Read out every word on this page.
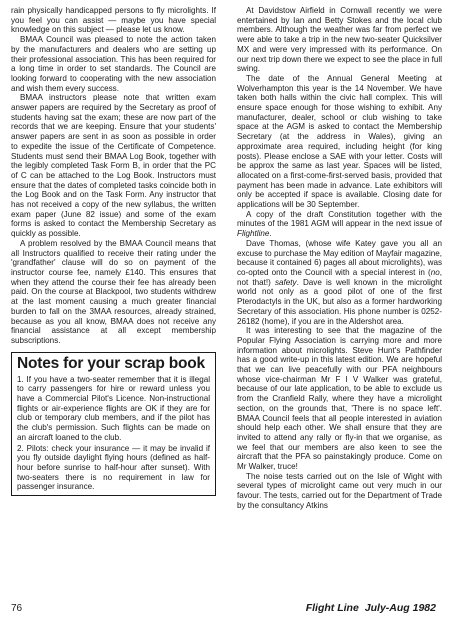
rain physically handicapped persons to fly microlights. If you feel you can assist — maybe you have special knowledge on this subject — please let us know.

BMAA Council was pleased to note the action taken by the manufacturers and dealers who are setting up their professional association. This has been required for a long time in order to set standards. The Council are looking forward to cooperating with the new association and wish them every success.

BMAA instructors please note that written exam answer papers are required by the Secretary as proof of students having sat the exam; these are now part of the records that we are keeping. Ensure that your students' answer papers are sent in as soon as possible in order to expedite the issue of the Certificate of Competence. Students must send their BMAA Log Book, together with the legibly completed Task Form B, in order that the PC of C can be attached to the Log Book. Instructors must ensure that the dates of completed tasks coincide both in the Log Book and on the Task Form. Any instructor that has not received a copy of the new syllabus, the written exam paper (June 82 issue) and some of the exam forms is asked to contact the Membership Secretary as quickly as possible.

A problem resolved by the BMAA Council means that all Instructors qualified to receive their rating under the 'grandfather' clause will do so on payment of the instructor course fee, namely £140. This ensures that when they attend the course their fee has already been paid. On the course at Blackpool, two students withdrew at the last moment causing a much greater financial burden to fall on the 3MAA resources, already strained, because as you all know, BMAA does not receive any financial assistance at all except membership subscriptions.

Notes for your scrap book

1. If you have a two-seater remember that it is illegal to carry passengers for hire or reward unless you have a Commercial Pilot's Licence. Non-instructional flights or air-experience flights are OK if they are for club or temporary club members, and if the pilot has the club's permission. Such flights can be made on an aircraft loaned to the club.

2. Pilots: check your insurance — it may be invalid if you fly outside daylight flying hours (defined as half-hour before sunrise to half-hour after sunset). With two-seaters there is no requirement in law for passenger insurance.

At Davidstow Airfield in Cornwall recently we were entertained by Ian and Betty Stokes and the local club members. Although the weather was far from perfect we were able to take a trip in the new two-seater Quicksilver MX and were very impressed with its performance. On our next trip down there we expect to see the place in full swing.

The date of the Annual General Meeting at Wolverhampton this year is the 14 November. We have taken both halls within the civic hall complex. This will ensure space enough for those wishing to exhibit. Any manufacturer, dealer, school or club wishing to take space at the AGM is asked to contact the Membership Secretary (at the address in Wales), giving an approximate area required, including height (for king posts). Please enclose a SAE with your letter. Costs will be approx the same as last year. Spaces will be listed, allocated on a first-come-first-served basis, provided that payment has been made in advance. Late exhibitors will only be accepted if space is available. Closing date for applications will be 30 September.

A copy of the draft Constitution together with the minutes of the 1981 AGM will appear in the next issue of Flightline.

Dave Thomas, (whose wife Katey gave you all an excuse to purchase the May edition of Mayfair magazine, because it contained 6) pages all about microlights), was co-opted onto the Council with a special interest in (no, not that!) safety. Dave is well known in the microlight world not only as a good pilot of one of the first Pterodactyls in the UK, but also as a former hardworking Secretary of this association. His phone number is 0252-26182 (home), if you are in the Aldershot area.

It was interesting to see that the magazine of the Popular Flying Association is carrying more and more information about microlights. Steve Hunt's Pathfinder has a good write-up in this latest edition. We are hopeful that we can live peacefully with our PFA neighbours whose vice-chairman Mr F I V Walker was grateful, because of our late application, to be able to exclude us from the Cranfield Rally, where they have a microlight section, on the grounds that, 'There is no space left'. BMAA Council feels that all people interested in aviation should help each other. We shall ensure that they are invited to attend any rally or fly-in that we organise, as we feel that our members are also keen to see the aircraft that the PFA so painstakingly produce. Come on Mr Walker, truce!

The noise tests carried out on the Isle of Wight with several types of microlight came out very much in our favour. The tests, carried out for the Department of Trade by the consultancy Atkins

76	Flight Line July-Aug 1982
